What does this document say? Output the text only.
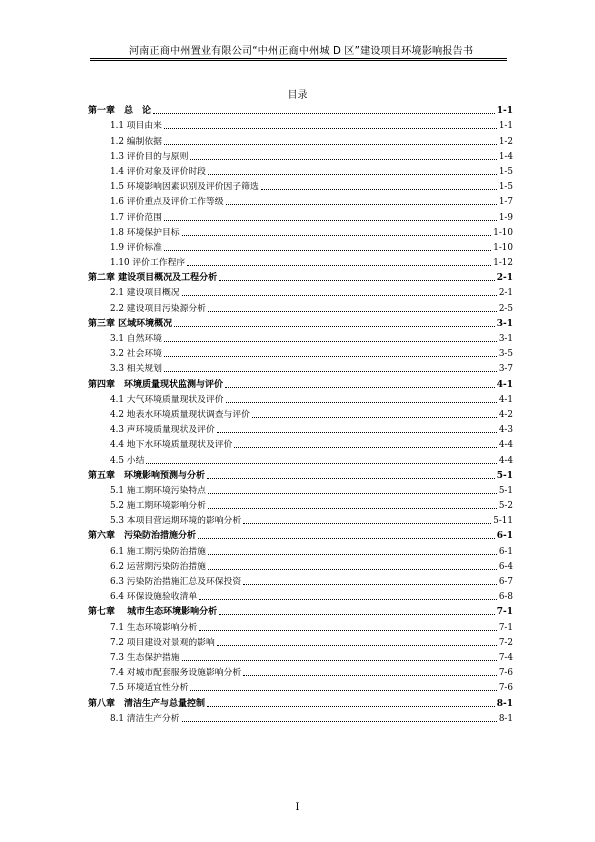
河南正商中州置业有限公司“中州正商中州城 D 区”建设项目环境影响报告书
目录
第一章　总　论	1-1
1.1 项目由来	1-1
1.2 编制依据	1-2
1.3 评价目的与原则	1-4
1.4 评价对象及评价时段	1-5
1.5 环境影响因素识别及评价因子筛选	1-5
1.6 评价重点及评价工作等级	1-7
1.7 评价范围	1-9
1.8 环境保护目标	1-10
1.9 评价标准	1-10
1.10 评价工作程序	1-12
第二章 建设项目概况及工程分析	2-1
2.1 建设项目概况	2-1
2.2 建设项目污染源分析	2-5
第三章 区域环境概况	3-1
3.1 自然环境	3-1
3.2 社会环境	3-5
3.3 相关规划	3-7
第四章　环境质量现状监测与评价	4-1
4.1 大气环境质量现状及评价	4-1
4.2 地表水环境质量现状调查与评价	4-2
4.3 声环境质量现状及评价	4-3
4.4 地下水环境质量现状及评价	4-4
4.5 小结	4-4
第五章　环境影响预测与分析	5-1
5.1 施工期环境污染特点	5-1
5.2 施工期环境影响分析	5-2
5.3 本项目营运期环境的影响分析	5-11
第六章　污染防治措施分析	6-1
6.1 施工期污染防治措施	6-1
6.2 运营期污染防治措施	6-4
6.3 污染防治措施汇总及环保投资	6-7
6.4 环保设施验收清单	6-8
第七章　 城市生态环境影响分析	7-1
7.1 生态环境影响分析	7-1
7.2 项目建设对景观的影响	7-2
7.3 生态保护措施	7-4
7.4 对城市配套服务设施影响分析	7-6
7.5 环境适宜性分析	7-6
第八章　清洁生产与总量控制	8-1
8.1 清洁生产分析	8-1
I
